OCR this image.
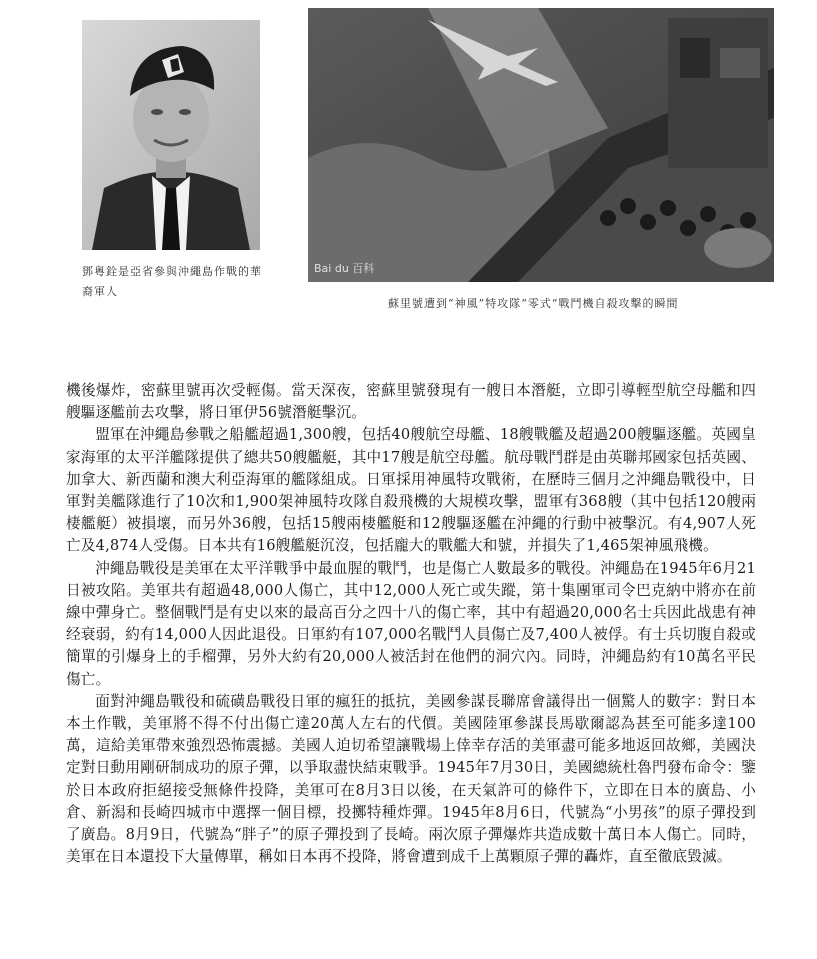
Bai du 百科
鄧粵銓是亞省參與沖繩島作戰的華裔軍人
蘇里號遭到“神風”特攻隊“零式”戰鬥機自殺攻擊的瞬間

機後爆炸，密蘇里號再次受輕傷。當天深夜，密蘇里號發現有一艘日本潛艇，立即引導輕型航空母艦和四艘驅逐艦前去攻擊，將日軍伊56號潛艇擊沉。

盟軍在沖繩島參戰之船艦超過1,300艘，包括40艘航空母艦、18艘戰艦及超過200艘驅逐艦。英國皇家海軍的太平洋艦隊提供了總共50艘艦艇，其中17艘是航空母艦。航母戰鬥群是由英聯邦國家包括英國、加拿大、新西蘭和澳大利亞海軍的艦隊組成。日軍採用神風特攻戰術，在歷時三個月之沖繩島戰役中，日軍對美艦隊進行了10次和1,900架神風特攻隊自殺飛機的大規模攻擊，盟軍有368艘（其中包括120艘兩棲艦艇）被損壞，而另外36艘，包括15艘兩棲艦艇和12艘驅逐艦在沖繩的行動中被擊沉。有4,907人死亡及4,874人受傷。日本共有16艘艦艇沉沒，包括龐大的戰艦大和號，并損失了1,465架神風飛機。

沖繩島戰役是美軍在太平洋戰爭中最血腥的戰鬥，也是傷亡人數最多的戰役。沖繩島在1945年6月21日被攻陷。美軍共有超過48,000人傷亡，其中12,000人死亡或失蹤，第十集團軍司令巴克納中將亦在前線中彈身亡。整個戰鬥是有史以來的最高百分之四十八的傷亡率，其中有超過20,000名士兵因此战患有神经衰弱，約有14,000人因此退役。日軍約有107,000名戰鬥人員傷亡及7,400人被俘。有士兵切腹自殺或簡單的引爆身上的手榴彈，另外大約有20,000人被活封在他們的洞穴內。同時，沖繩島約有10萬名平民傷亡。

面對沖繩島戰役和硫磺島戰役日軍的瘋狂的抵抗，美國參謀長聯席會議得出一個驚人的數字：對日本本土作戰，美軍將不得不付出傷亡達20萬人左右的代價。美國陸軍參謀長馬歇爾認為甚至可能多達100萬，這給美軍帶來強烈恐怖震撼。美國人迫切希望讓戰場上倖幸存活的美軍盡可能多地返回故鄉，美國決定對日動用剛研制成功的原子彈，以爭取盡快結束戰爭。1945年7月30日，美國總統杜魯門發布命令：鑒於日本政府拒絕接受無條件投降，美軍可在8月3日以後，在天氣許可的條件下，立即在日本的廣島、小倉、新潟和長崎四城市中選擇一個目標，投擲特種炸彈。1945年8月6日，代號為“小男孩”的原子彈投到了廣島。8月9日，代號為“胖子”的原子彈投到了長崎。兩次原子彈爆炸共造成數十萬日本人傷亡。同時，美軍在日本還投下大量傳單，稱如日本再不投降，將會遭到成千上萬顆原子彈的轟炸，直至徹底毀滅。
